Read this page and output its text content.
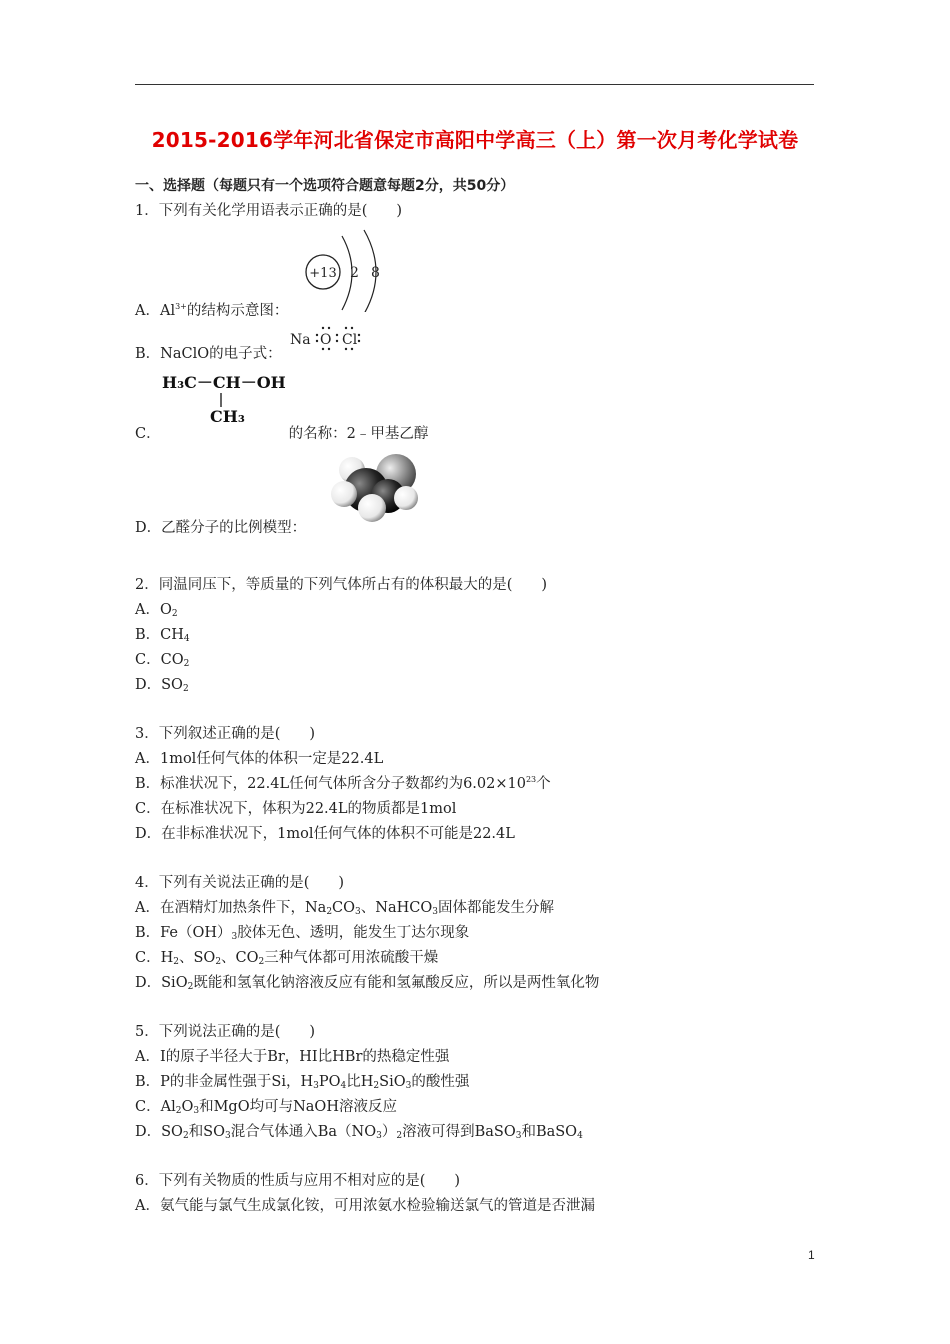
2015-2016学年河北省保定市高阳中学高三（上）第一次月考化学试卷
一、选择题（每题只有一个选项符合题意每题2分，共50分）
1．下列有关化学用语表示正确的是(　　)
+13 2 8
A．$Al^{3+}$的结构示意图：
Na O Cl
B．NaClO的电子式：
H₃C－CH－OH
CH₃
C．	的名称：2﹣甲基乙醇
D．乙醛分子的比例模型：
2．同温同压下，等质量的下列气体所占有的体积最大的是(　　)
A．$O_2$
B．$CH_4$
C．$CO_2$
D．$SO_2$
3．下列叙述正确的是(　　)
A．1mol任何气体的体积一定是22.4L
B．标准状况下，22.4L任何气体所含分子数都约为$6.02\times 10^{23}$个
C．在标准状况下，体积为22.4L的物质都是1mol
D．在非标准状况下，1mol任何气体的体积不可能是22.4L
4．下列有关说法正确的是(　　)
A．在酒精灯加热条件下，$Na_2CO_3$、NaHCO$_3$固体都能发生分解
B．$Fe(OH)_3$胶体无色、透明，能发生丁达尔现象
C．$H_2$、$SO_2$、$CO_2$三种气体都可用浓硫酸干燥
D．SiO$_2$既能和氢氧化钠溶液反应有能和氢氟酸反应，所以是两性氧化物
5．下列说法正确的是(　　)
A．I的原子半径大于Br，HI比HBr的热稳定性强
B．P的非金属性强于Si，$H_3PO_4$比$H_2SiO_3$的酸性强
C．$Al_2O_3$和MgO均可与NaOH溶液反应
D．$SO_2$和$SO_3$混合气体通入$Ba(NO_3)_2$溶液可得到BaSO$_3$和BaSO$_4$
6．下列有关物质的性质与应用不相对应的是(　　)
A．氨气能与氯气生成氯化铵，可用浓氨水检验输送氯气的管道是否泄漏
1
